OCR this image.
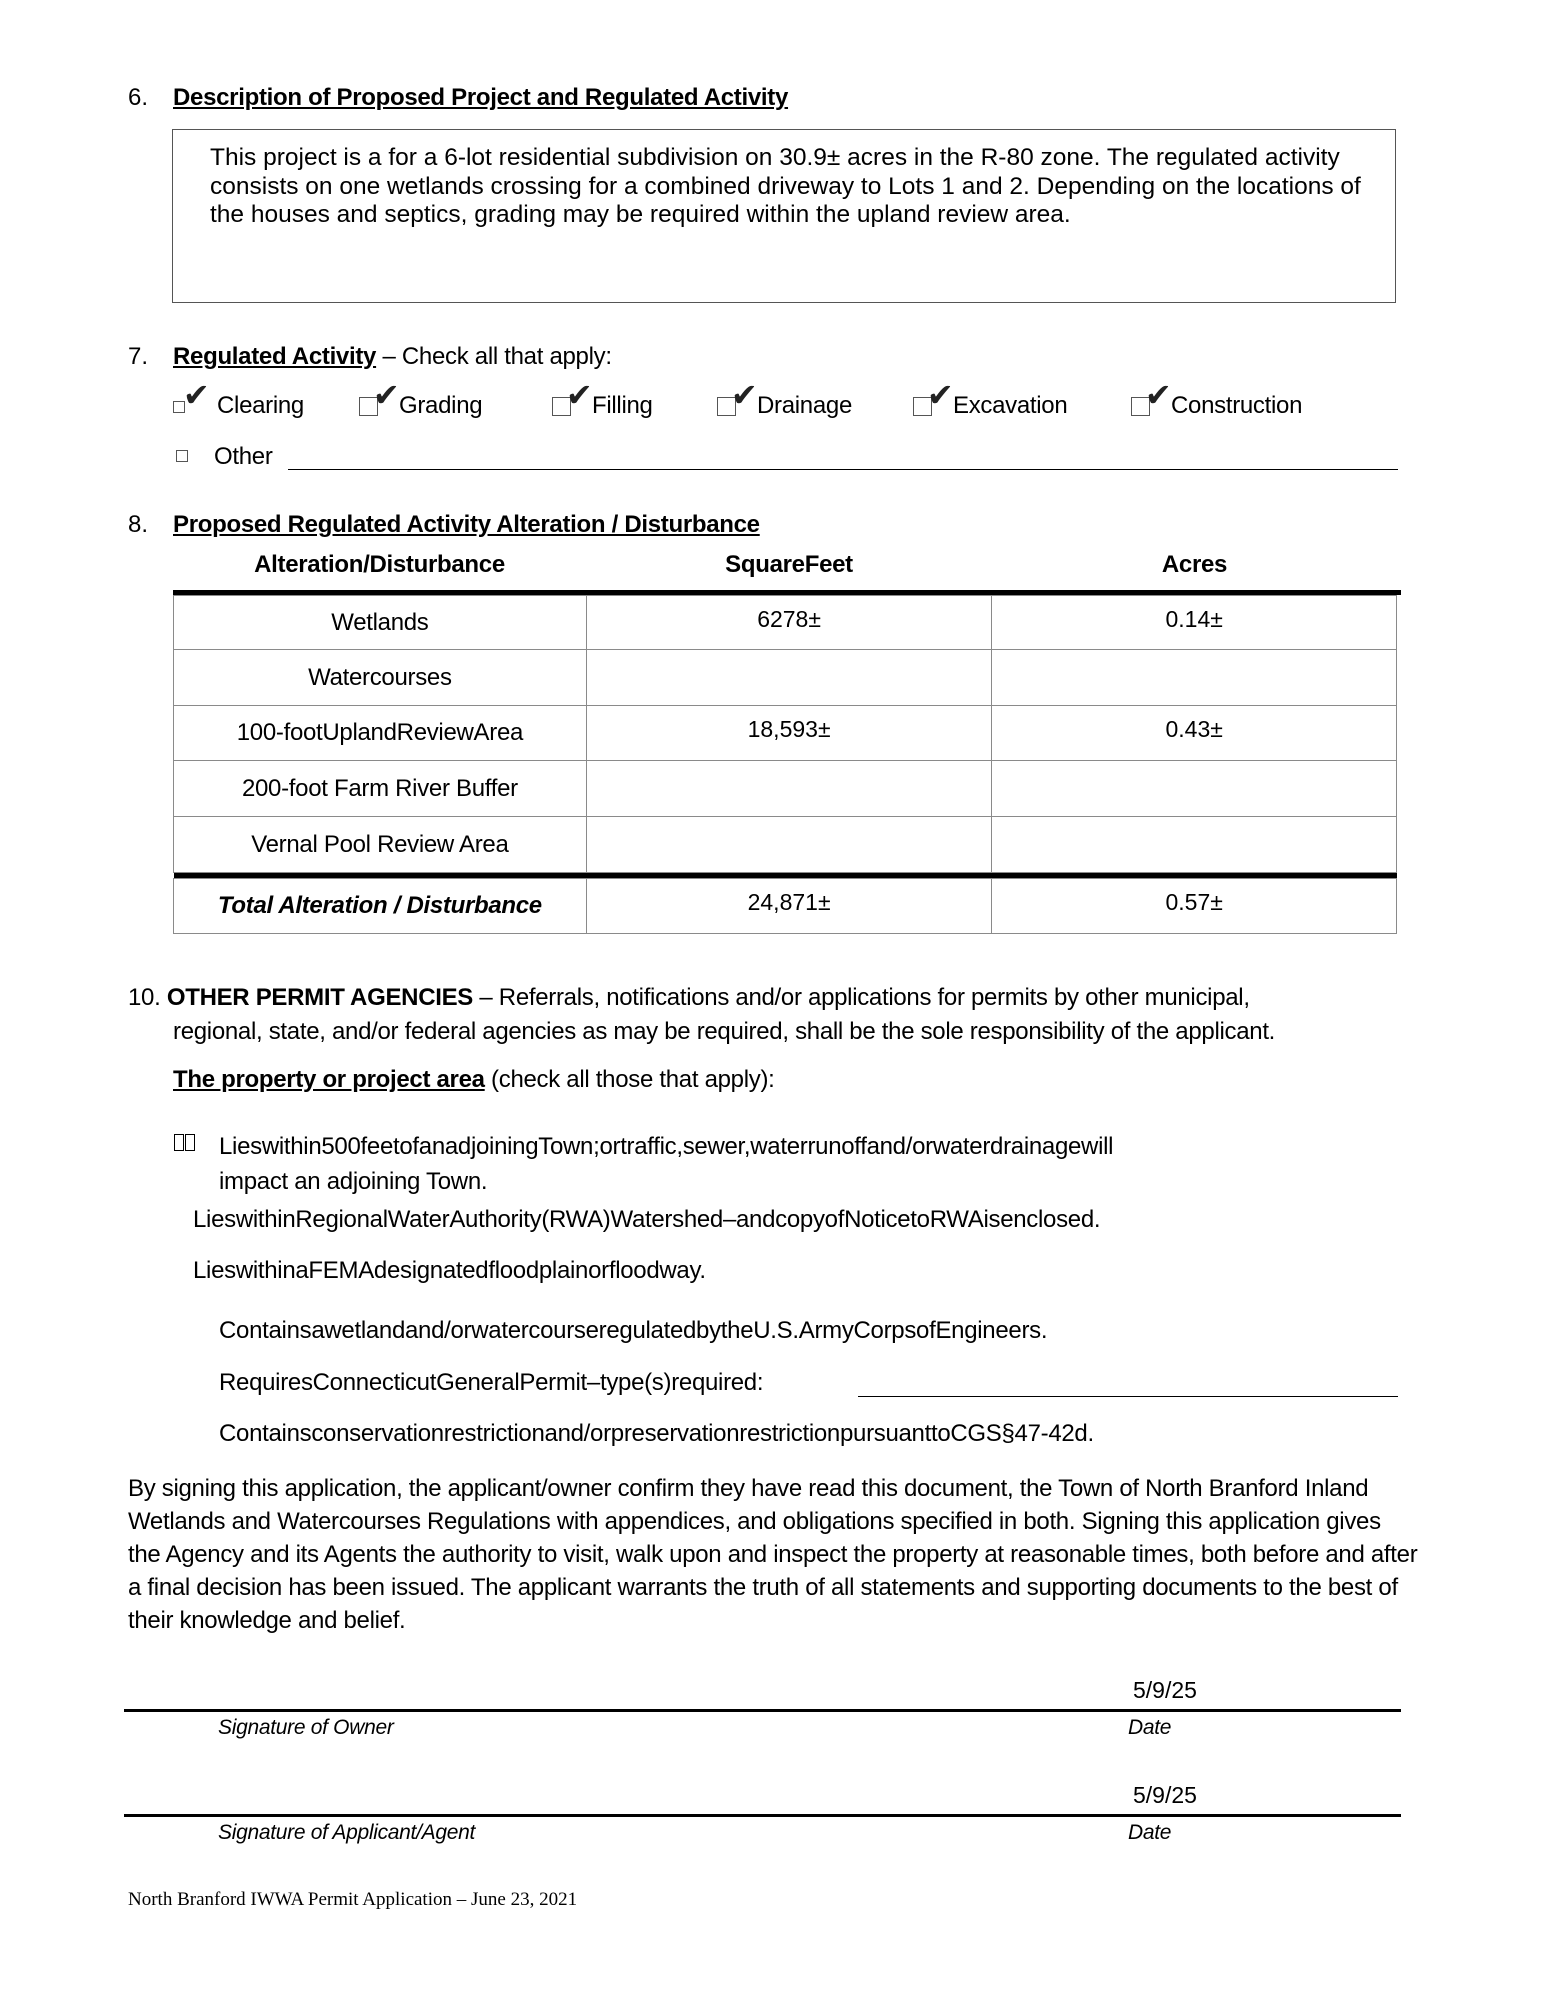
6. Description of Proposed Project and Regulated Activity
This project is a for a 6-lot residential subdivision on 30.9± acres in the R-80 zone. The regulated activity consists on one wetlands crossing for a combined driveway to Lots 1 and 2. Depending on the locations of the houses and septics, grading may be required within the upland review area.
7. Regulated Activity – Check all that apply:
✔ Clearing ✔ Grading	✔ Filling ✔ Drainage ✔ Excavation ✔ Construction
Other
8. Proposed Regulated Activity Alteration / Disturbance
Alteration/Disturbance	SquareFeet	Acres
Wetlands	6278±	0.14±

Watercourses	

100-footUplandReviewArea	18,593±	0.43±

200-foot Farm River Buffer	

Vernal Pool Review Area	

Total Alteration / Disturbance	24,871±	0.57±
10. OTHER PERMIT AGENCIES – Referrals, notifications and/or applications for permits by other municipal,
regional, state, and/or federal agencies as may be required, shall be the sole responsibility of the applicant.
The property or project area (check all those that apply):
Lieswithin500feetofanadjoiningTown;ortraffic,sewer,waterrunoffand/orwaterdrainagewill
impact an adjoining Town.
LieswithinRegionalWaterAuthority(RWA)Watershed–andcopyofNoticetoRWAisenclosed.
LieswithinaFEMAdesignatedfloodplainorfloodway.
Containsawetlandand/orwatercourseregulatedbytheU.S.ArmyCorpsofEngineers.
RequiresConnecticutGeneralPermit–type(s)required:
Containsconservationrestrictionand/orpreservationrestrictionpursuanttoCGS§47-42d.
By signing this application, the applicant/owner confirm they have read this document, the Town of North Branford Inland Wetlands and Watercourses Regulations with appendices, and obligations specified in both. Signing this application gives the Agency and its Agents the authority to visit, walk upon and inspect the property at reasonable times, both before and after a final decision has been issued. The applicant warrants the truth of all statements and supporting documents to the best of their knowledge and belief.
5/9/25
Signature of Owner	Date
5/9/25
Signature of Applicant/Agent	Date
North Branford IWWA Permit Application – June 23, 2021
